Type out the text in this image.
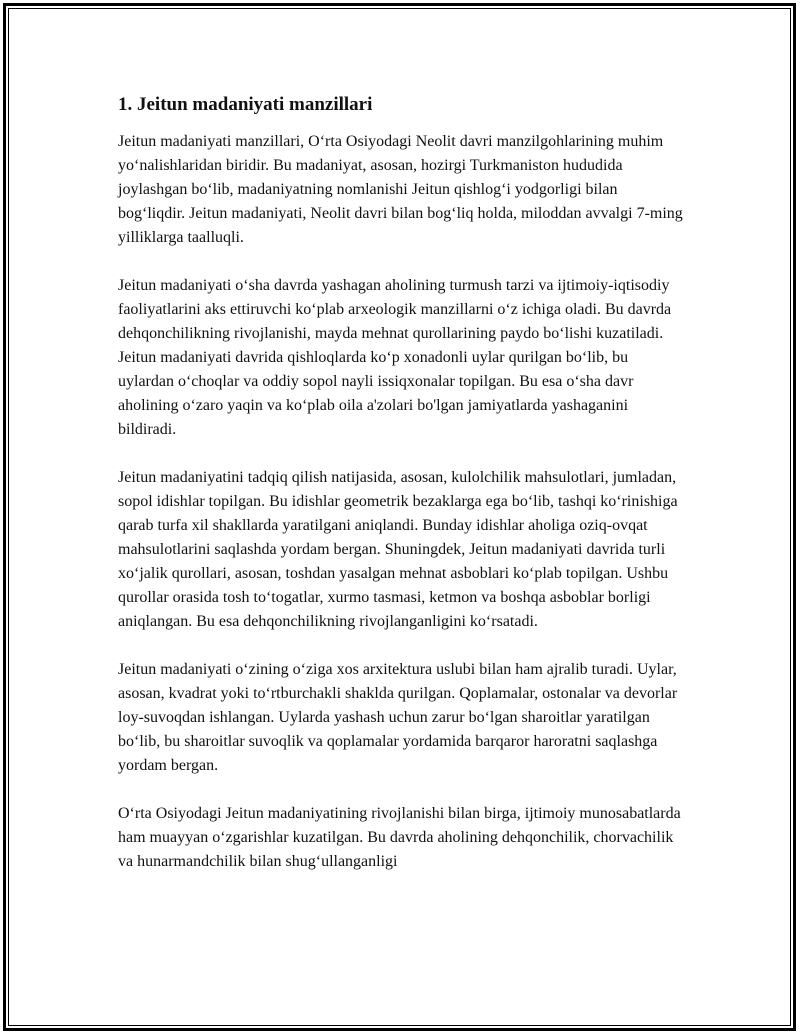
1. Jeitun madaniyati manzillari

Jeitun madaniyati manzillari, O‘rta Osiyodagi Neolit davri manzilgohlarining muhim yo‘nalishlaridan biridir. Bu madaniyat, asosan, hozirgi Turkmaniston hududida joylashgan bo‘lib, madaniyatning nomlanishi Jeitun qishlog‘i yodgorligi bilan bog‘liqdir. Jeitun madaniyati, Neolit davri bilan bog‘liq holda, miloddan avvalgi 7-ming yilliklarga taalluqli.

Jeitun madaniyati o‘sha davrda yashagan aholining turmush tarzi va ijtimoiy-iqtisodiy faoliyatlarini aks ettiruvchi ko‘plab arxeologik manzillarni o‘z ichiga oladi. Bu davrda dehqonchilikning rivojlanishi, mayda mehnat qurollarining paydo bo‘lishi kuzatiladi. Jeitun madaniyati davrida qishloqlarda ko‘p xonadonli uylar qurilgan bo‘lib, bu uylardan o‘choqlar va oddiy sopol nayli issiqxonalar topilgan. Bu esa o‘sha davr aholining o‘zaro yaqin va ko‘plab oila a'zolari bo'lgan jamiyatlarda yashaganini bildiradi.

Jeitun madaniyatini tadqiq qilish natijasida, asosan, kulolchilik mahsulotlari, jumladan, sopol idishlar topilgan. Bu idishlar geometrik bezaklarga ega bo‘lib, tashqi ko‘rinishiga qarab turfa xil shakllarda yaratilgani aniqlandi. Bunday idishlar aholiga oziq-ovqat mahsulotlarini saqlashda yordam bergan. Shuningdek, Jeitun madaniyati davrida turli xo‘jalik qurollari, asosan, toshdan yasalgan mehnat asboblari ko‘plab topilgan. Ushbu qurollar orasida tosh to‘togatlar, xurmo tasmasi, ketmon va boshqa asboblar borligi aniqlangan. Bu esa dehqonchilikning rivojlanganligini ko‘rsatadi.

Jeitun madaniyati o‘zining o‘ziga xos arxitektura uslubi bilan ham ajralib turadi. Uylar, asosan, kvadrat yoki to‘rtburchakli shaklda qurilgan. Qoplamalar, ostonalar va devorlar loy-suvoqdan ishlangan. Uylarda yashash uchun zarur bo‘lgan sharoitlar yaratilgan bo‘lib, bu sharoitlar suvoqlik va qoplamalar yordamida barqaror haroratni saqlashga yordam bergan.

O‘rta Osiyodagi Jeitun madaniyatining rivojlanishi bilan birga, ijtimoiy munosabatlarda ham muayyan o‘zgarishlar kuzatilgan. Bu davrda aholining dehqonchilik, chorvachilik va hunarmandchilik bilan shug‘ullanganligi
